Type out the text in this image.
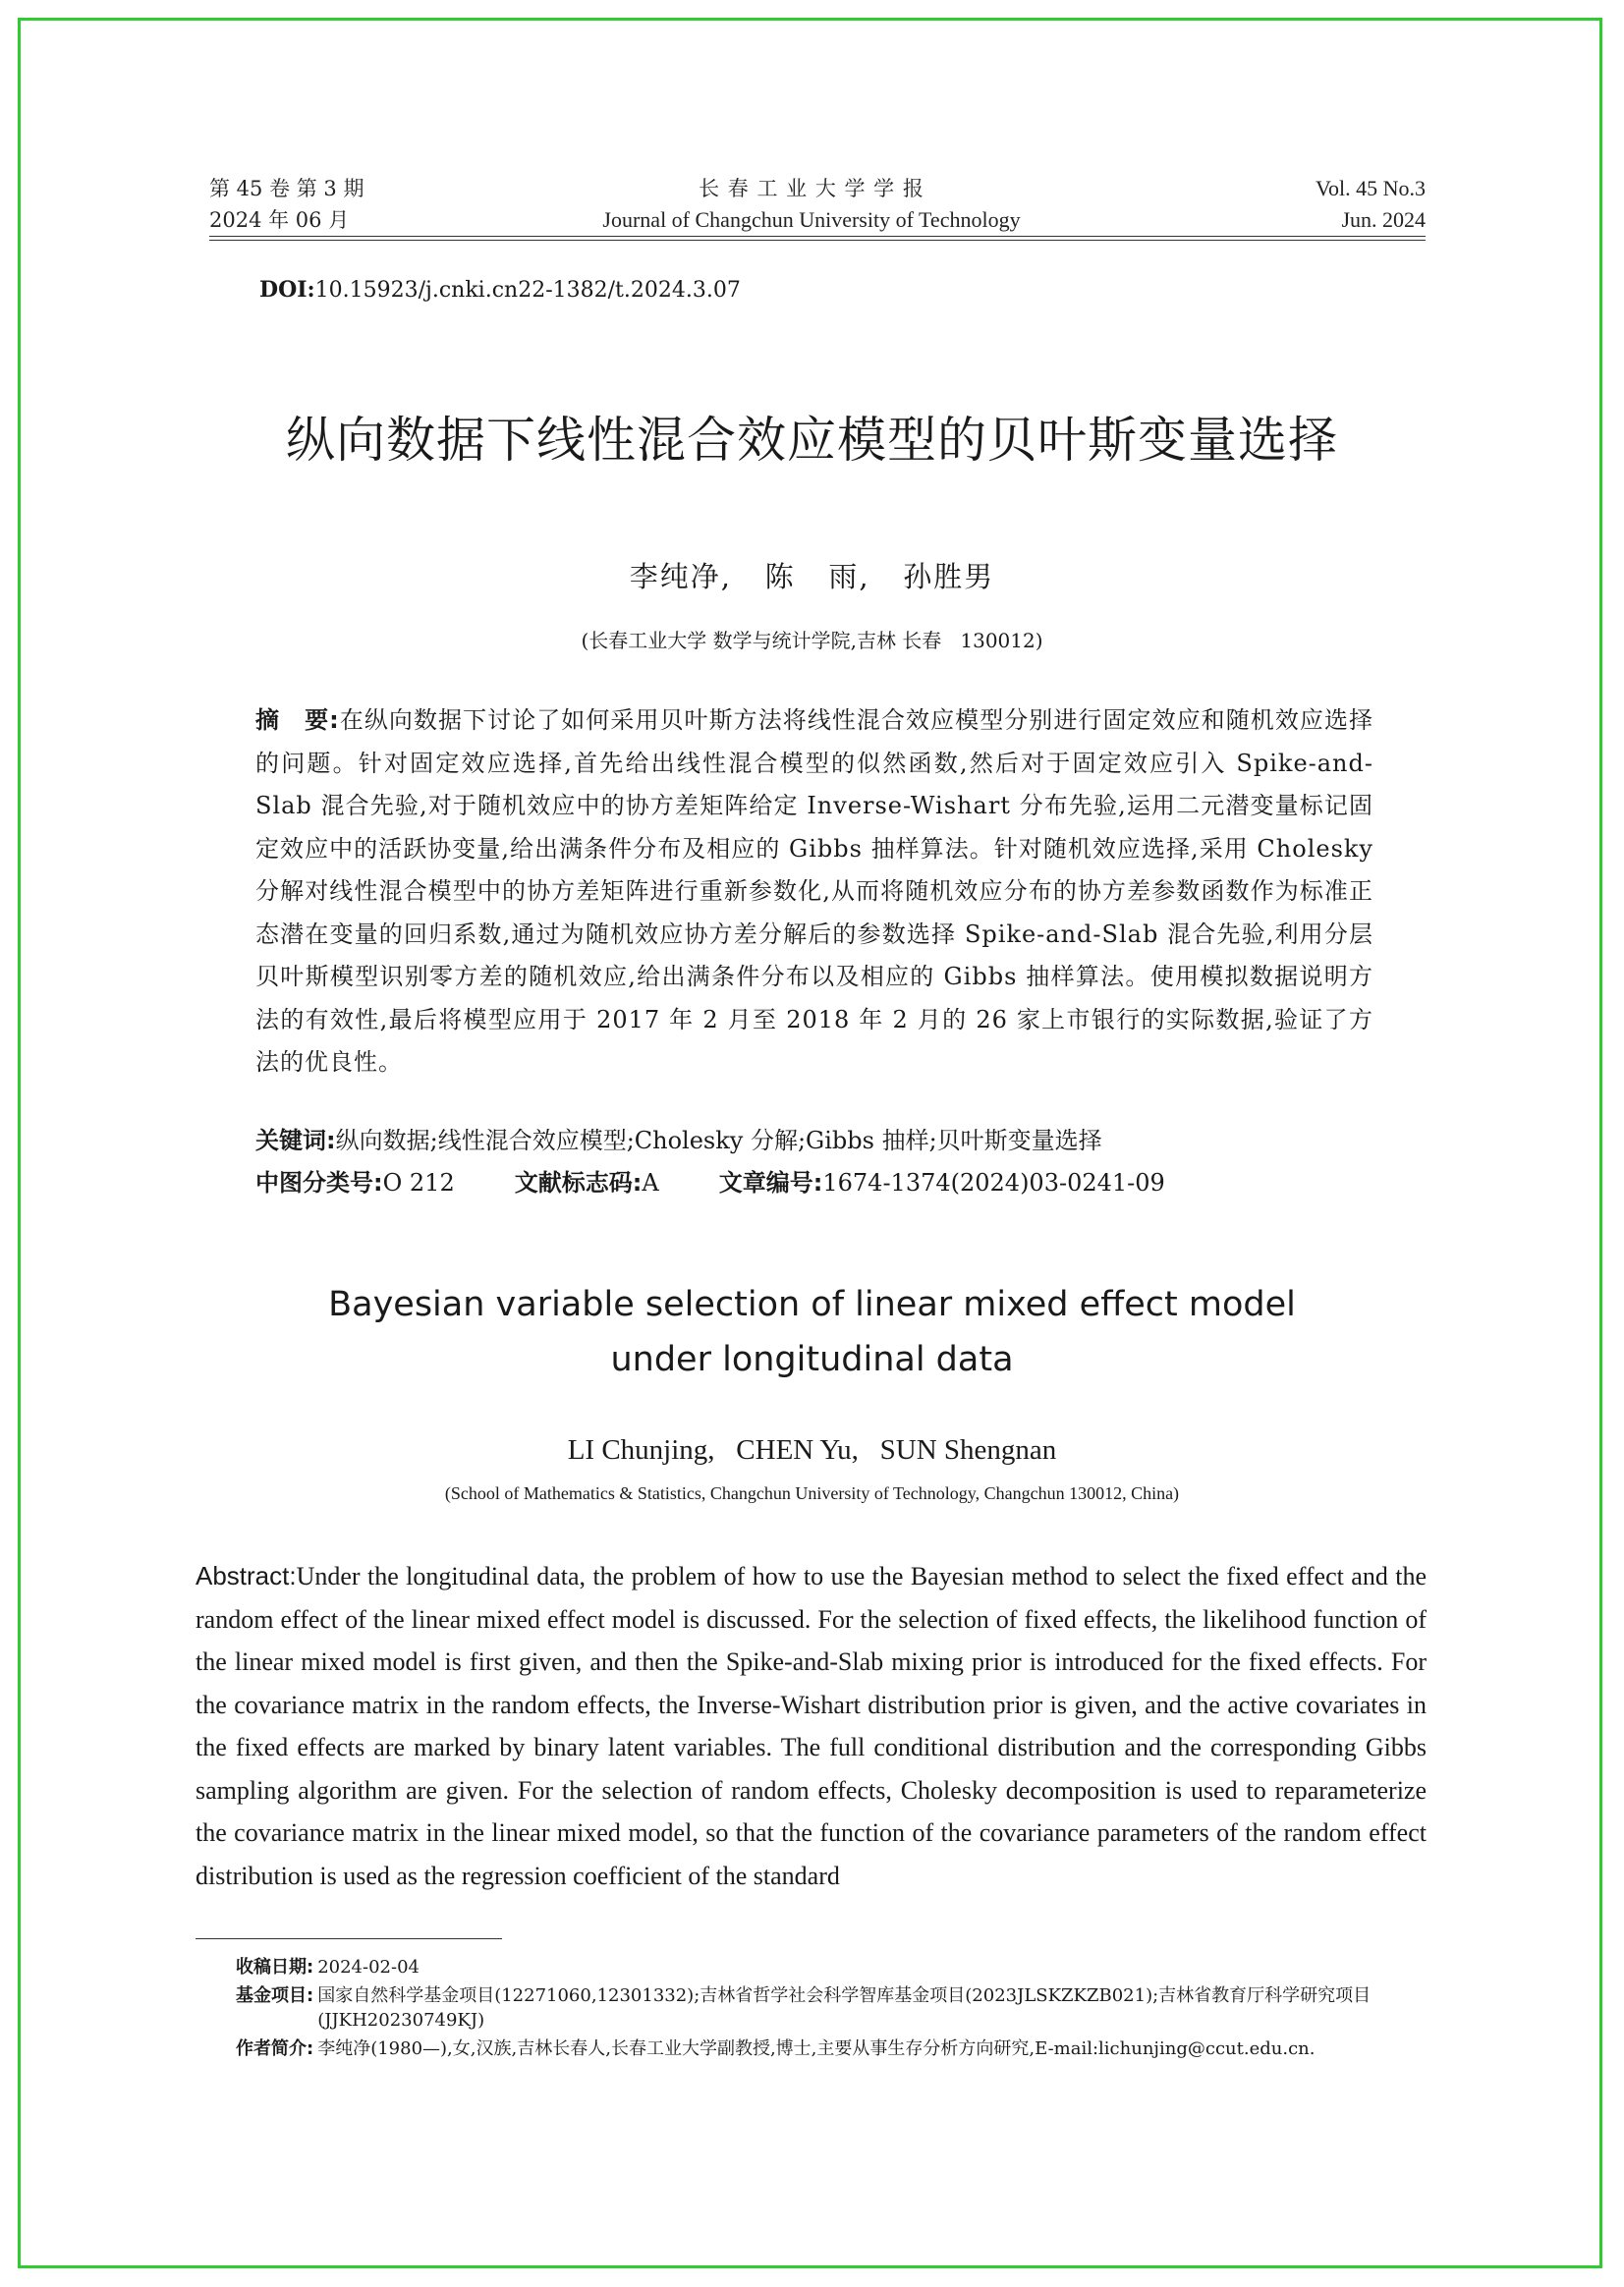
第 45 卷 第 3 期
2024 年 06 月
长 春 工 业 大 学 学 报
Journal of Changchun University of Technology
Vol. 45 No.3
Jun. 2024
DOI:10.15923/j.cnki.cn22-1382/t.2024.3.07
纵向数据下线性混合效应模型的贝叶斯变量选择
李纯净,   陈   雨,   孙胜男
(长春工业大学 数学与统计学院,吉林 长春   130012)
摘　要:在纵向数据下讨论了如何采用贝叶斯方法将线性混合效应模型分别进行固定效应和随机效应选择的问题。针对固定效应选择,首先给出线性混合模型的似然函数,然后对于固定效应引入 Spike-and-Slab 混合先验,对于随机效应中的协方差矩阵给定 Inverse-Wishart 分布先验,运用二元潜变量标记固定效应中的活跃协变量,给出满条件分布及相应的 Gibbs 抽样算法。针对随机效应选择,采用 Cholesky 分解对线性混合模型中的协方差矩阵进行重新参数化,从而将随机效应分布的协方差参数函数作为标准正态潜在变量的回归系数,通过为随机效应协方差分解后的参数选择 Spike-and-Slab 混合先验,利用分层贝叶斯模型识别零方差的随机效应,给出满条件分布以及相应的 Gibbs 抽样算法。使用模拟数据说明方法的有效性,最后将模型应用于 2017 年 2 月至 2018 年 2 月的 26 家上市银行的实际数据,验证了方法的优良性。
关键词:纵向数据;线性混合效应模型;Cholesky 分解;Gibbs 抽样;贝叶斯变量选择
中图分类号:O 212	文献标志码:A	文章编号:1674-1374(2024)03-0241-09
Bayesian variable selection of linear mixed effect model
under longitudinal data
LI Chunjing,   CHEN Yu,   SUN Shengnan
(School of Mathematics & Statistics, Changchun University of Technology, Changchun 130012, China)
Abstract:Under the longitudinal data, the problem of how to use the Bayesian method to select the fixed effect and the random effect of the linear mixed effect model is discussed. For the selection of fixed effects, the likelihood function of the linear mixed model is first given, and then the Spike-and-Slab mixing prior is introduced for the fixed effects. For the covariance matrix in the random effects, the Inverse-Wishart distribution prior is given, and the active covariates in the fixed effects are marked by binary latent variables. The full conditional distribution and the corresponding Gibbs sampling algorithm are given. For the selection of random effects, Cholesky decomposition is used to reparameterize the covariance matrix in the linear mixed model, so that the function of the covariance parameters of the random effect distribution is used as the regression coefficient of the standard
收稿日期: 2024-02-04
基金项目: 国家自然科学基金项目(12271060,12301332);吉林省哲学社会科学智库基金项目(2023JLSKZKZB021);吉林省教育厅科学研究项目(JJKH20230749KJ)
作者简介: 李纯净(1980—),女,汉族,吉林长春人,长春工业大学副教授,博士,主要从事生存分析方向研究,E-mail:lichunjing@ccut.edu.cn.
